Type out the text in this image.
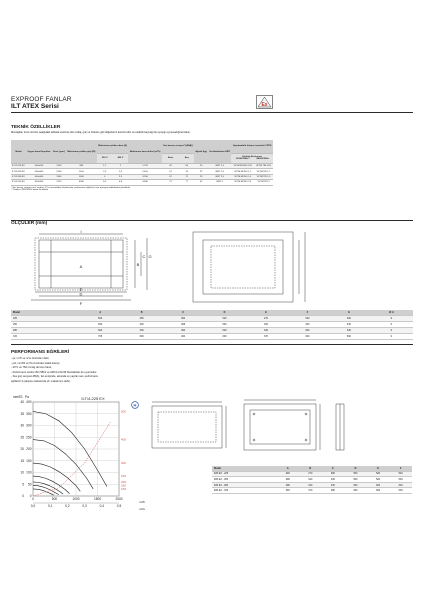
EXPROOF FANLAR
ILT ATEX Serisi	Ex
TEKNİK ÖZELLİKLER
Montajdan önce ürünün aşağıdaki tabloda verilmiş olan voltaj, güç ve frekans gibi değerlerini kontrol edin ve elektrik kaynağı ile uyuşup uyuşmadığına bakın.
Model	Uygun kanal boyutları	Devir (rpm)	Maksimum çekilen güç (W)	Maksimum çekilen akım (A)		Maksimum hava debisi (m³/h)	Ses basınç seviyesi* (dB(A))		Ağırlık (kg)	Hız Anahtarları RMT	Ayarlanabilir frekans invertörü VFTM	
				230 V	400 V		Emiş	Atış			Elektrik Beslemesi
1/230V/50Hz** 3/400V/50Hz	

ILT/4-225 EX	500x250	1200	985	1,7	1	1.720	62	66	20	RMT 1,5	VFTM MONO 0,55	VFTM TRI 0,55
ILT/4-250 EX	500x300	1240	1100	2,3	1,9	2.610	67	70	22	RMT 2,5	VFTM MONO 1,1	VFTM TRI 1,1
ILT/4-280 EX	600x300	1300	1450	4	2,3	3.250	67	72	29	RMT 2,5	VFTM MONO 1,5	VFTM TRI 1,5
ILT/4-315 EX	600x350	1370	3300	6,3	4,8	4.690	72	77	42	RMT 5	VFTM MONO 2,2	VFTM TRI 3
* Ses basınç seviyesi açık serbest 1,5 m mesafeden ölçülmüştür, performans eğrilerini, fanı pozisyon tablolardan görülebilir.
** Sadece 230V/400V motor ile birlikte
ÖLÇÜLER (mm)
I
E
D
F
A	B
C G
Model	A	B	C	D	E	F	G	Ø H
225	500	250	300	520	270	540	300	9
250	500	300	298	520	320	540	340	9
280	600	300	390	620	320	640	340	9
315	705	600	400	600	370	640	390	9
PERFORMANS EĞRİLERİ
- qv, m³/h ve m³/s cinsinden debi;
- psf, mmSS ve Pa cinsinden statik basınç;
- 20°C ve 760 mmHg de kuru hava;
- Performans verileri ISO 5801 ve AMCA 210-99 Standartları ile uyumludur.
- Ses güç seviyesi dB(A), fan emişinde, ekranda ve yayılan ses, performans
eğrilerini 3 çalışma noktasında (A: maksimum debi).
500
400
300
230
200
180
150
400
40
350
35
300
30
250
25
200
20
150
15
100
10
50
5
0
0
0	500	1000	1500	2000
0,0	0,1	0,2	0,3	0,4	0,5
ILT/4-225 EX
mmSS Pa
m³/h
m³/s
H
Model	A	B	C	D	E	F
IMZ EX - 225	248	270	280	500	520	540
IMZ EX - 250	298	320	330	500	520	540
IMZ EX - 280	298	320	330	600	620	640
IMZ EX - 315	348	370	380	600	620	640
